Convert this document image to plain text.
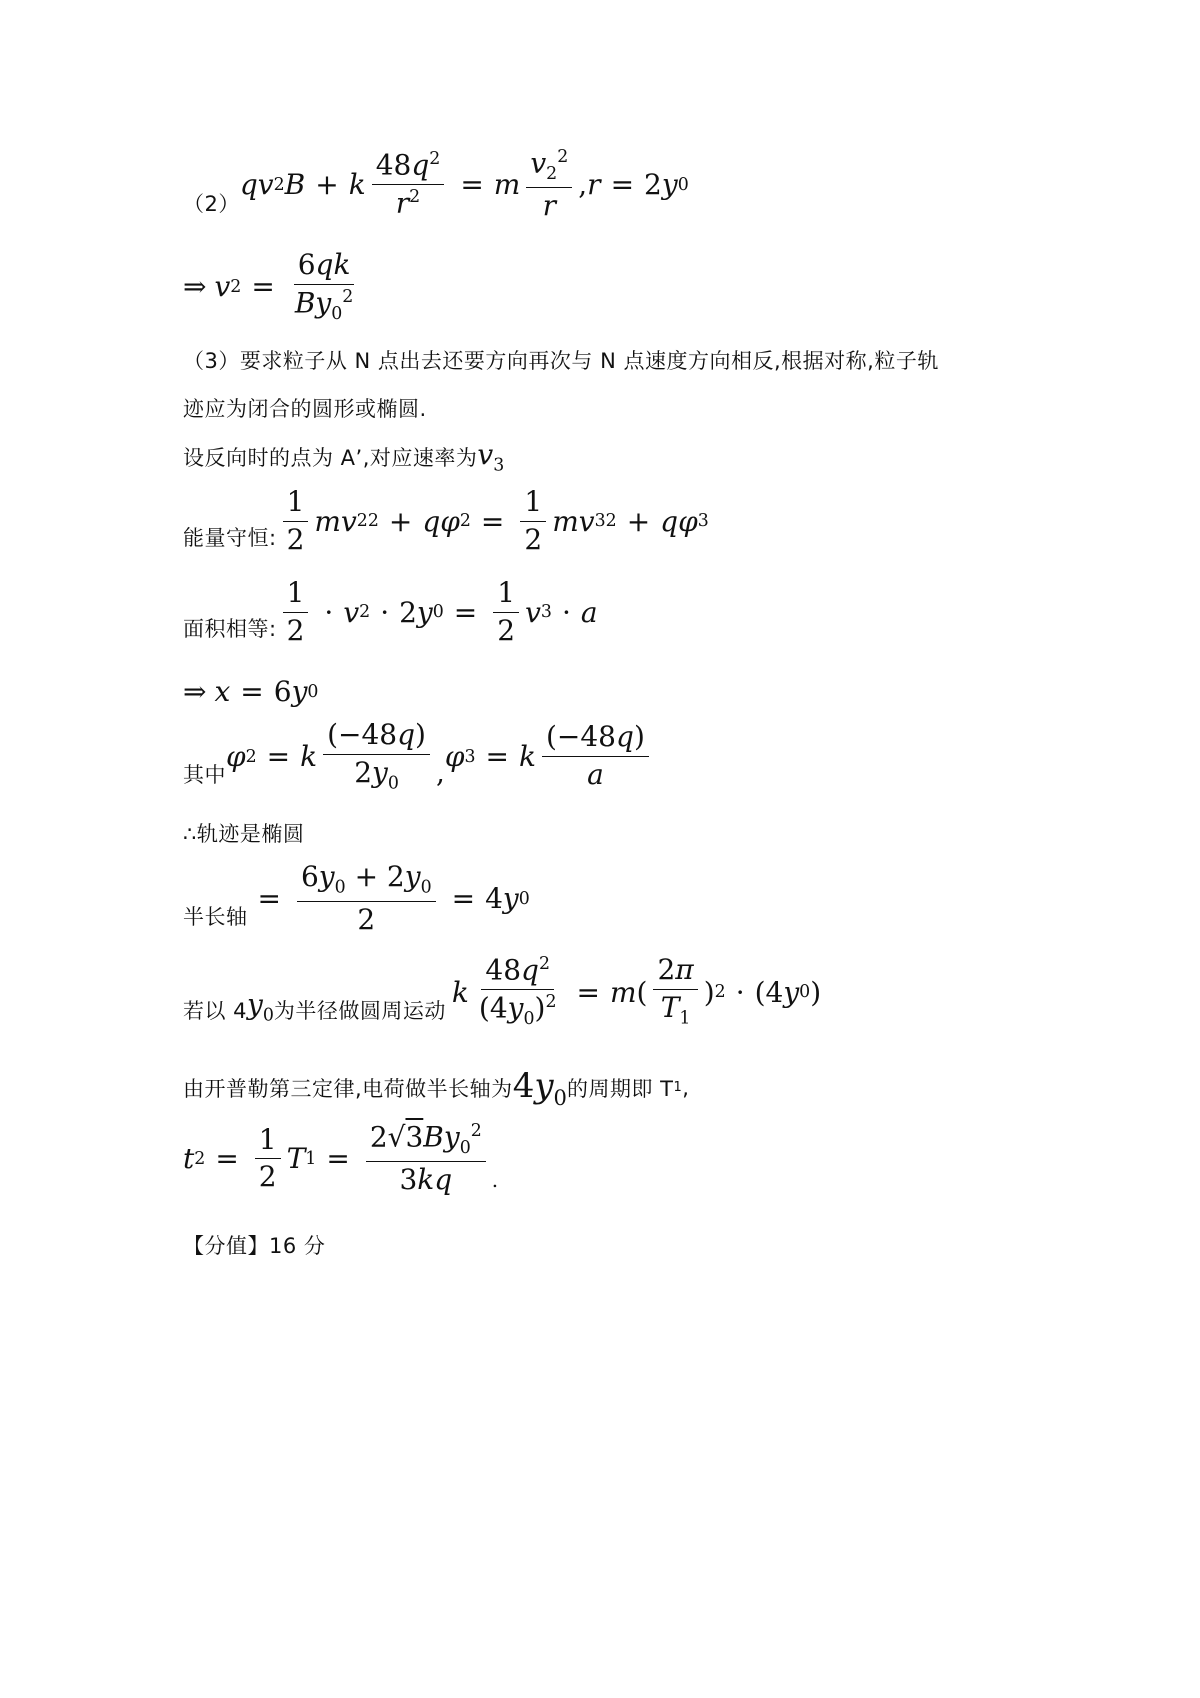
（2）
qv 2 B + k $\frac{48q^2}{r^2} = m \frac{v_2^2}{r}$ , r = 2 y 0
⇒ v $2 = \frac{6qk}{By_0^2}$
（3）要求粒子从 N 点出去还要方向再次与 N 点速度方向相反,根据对称,粒子轨
迹应为闭合的圆形或椭圆.
设反向时的点为 A’,对应速率为 $v_3$
能量守恒: $\frac{1}{2}$ mv 2 2 + qφ $2 = \frac{1}{2}$ mv 3 2 + qφ 3
面积相等: $\frac{1}{2} \cdot v$ 2 · 2 y $0 = \frac{1}{2}$ v 3 · a
⇒ x = 6 y 0
其中
φ 2 = k $\frac{(-48q)}{2y_0}$ , φ 3 = k $\frac{(-48q)}{a}$
∴轨迹是椭圆
半长轴
= $\frac{6y_0 + 2y_0}{2} = 4$ y 0
若以 4 $y_0$ 为半径做圆周运动
k $\frac{48q^2}{(4y_0)^2} = m$ ( $\frac{2\pi}{T_1}$ ) 2 · (4 y 0 )
由开普勒第三定律,电荷做半长轴为 $4y_0$ 的周期即 T 1 ,
t $2 = \frac{1}{2}$ T $1 = \frac{2√3By_0^2}{3kq}$ .
【分值】16 分
